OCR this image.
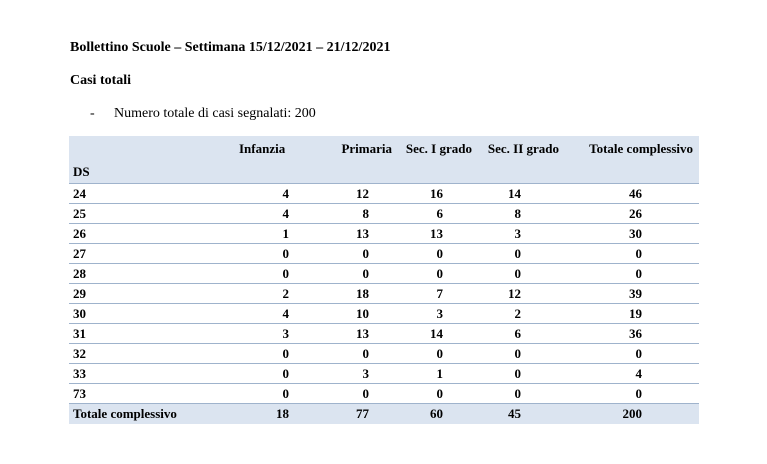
Bollettino Scuole – Settimana 15/12/2021 – 21/12/2021
Casi totali
- Numero totale di casi segnalati: 200
DS	Infanzia	Primaria	Sec. I grado	Sec. II grado	Totale complessivo
24	4	12	16	14	46
25	4	8	6	8	26
26	1	13	13	3	30
27	0	0	0	0	0
28	0	0	0	0	0
29	2	18	7	12	39
30	4	10	3	2	19
31	3	13	14	6	36
32	0	0	0	0	0
33	0	3	1	0	4
73	0	0	0	0	0
Totale complessivo	18	77	60	45	200
